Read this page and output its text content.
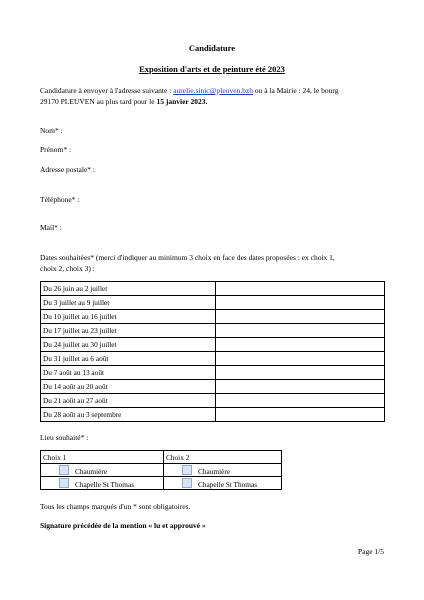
Candidature
Exposition d'arts et de peinture été 2023
Candidature à envoyer à l'adresse suivante : aurelie.sinic@pleuven.bzh ou à la Mairie : 24, le bourg
29170 PLEUVEN au plus tard pour le 15 janvier 2023.
Nom* :
Prénom* :
Adresse postale* :
Téléphone* :
Mail* :
Dates souhaitées* (merci d'indiquer au minimum 3 choix en face des dates proposées : ex choix 1,
choix 2, choix 3) :
Du 26 juin au 2 juillet	
Du 3 juillet au 9 juillet	
Du 10 juillet au 16 juillet	
Du 17 juillet au 23 juillet	
Du 24 juillet au 30 juillet	
Du 31 juillet au 6 août	
Du 7 août au 13 août	
Du 14 août au 20 août	
Du 21 août au 27 août	
Du 28 août au 3 septembre	
Lieu souhaité* :
Choix 1	Choix 2
Chaumière	Chaumière
Chapelle St Thomas	Chapelle St Thomas
Tous les champs marqués d'un * sont obligatoires.
Signature précédée de la mention « lu et approuvé »
Page 1/5
